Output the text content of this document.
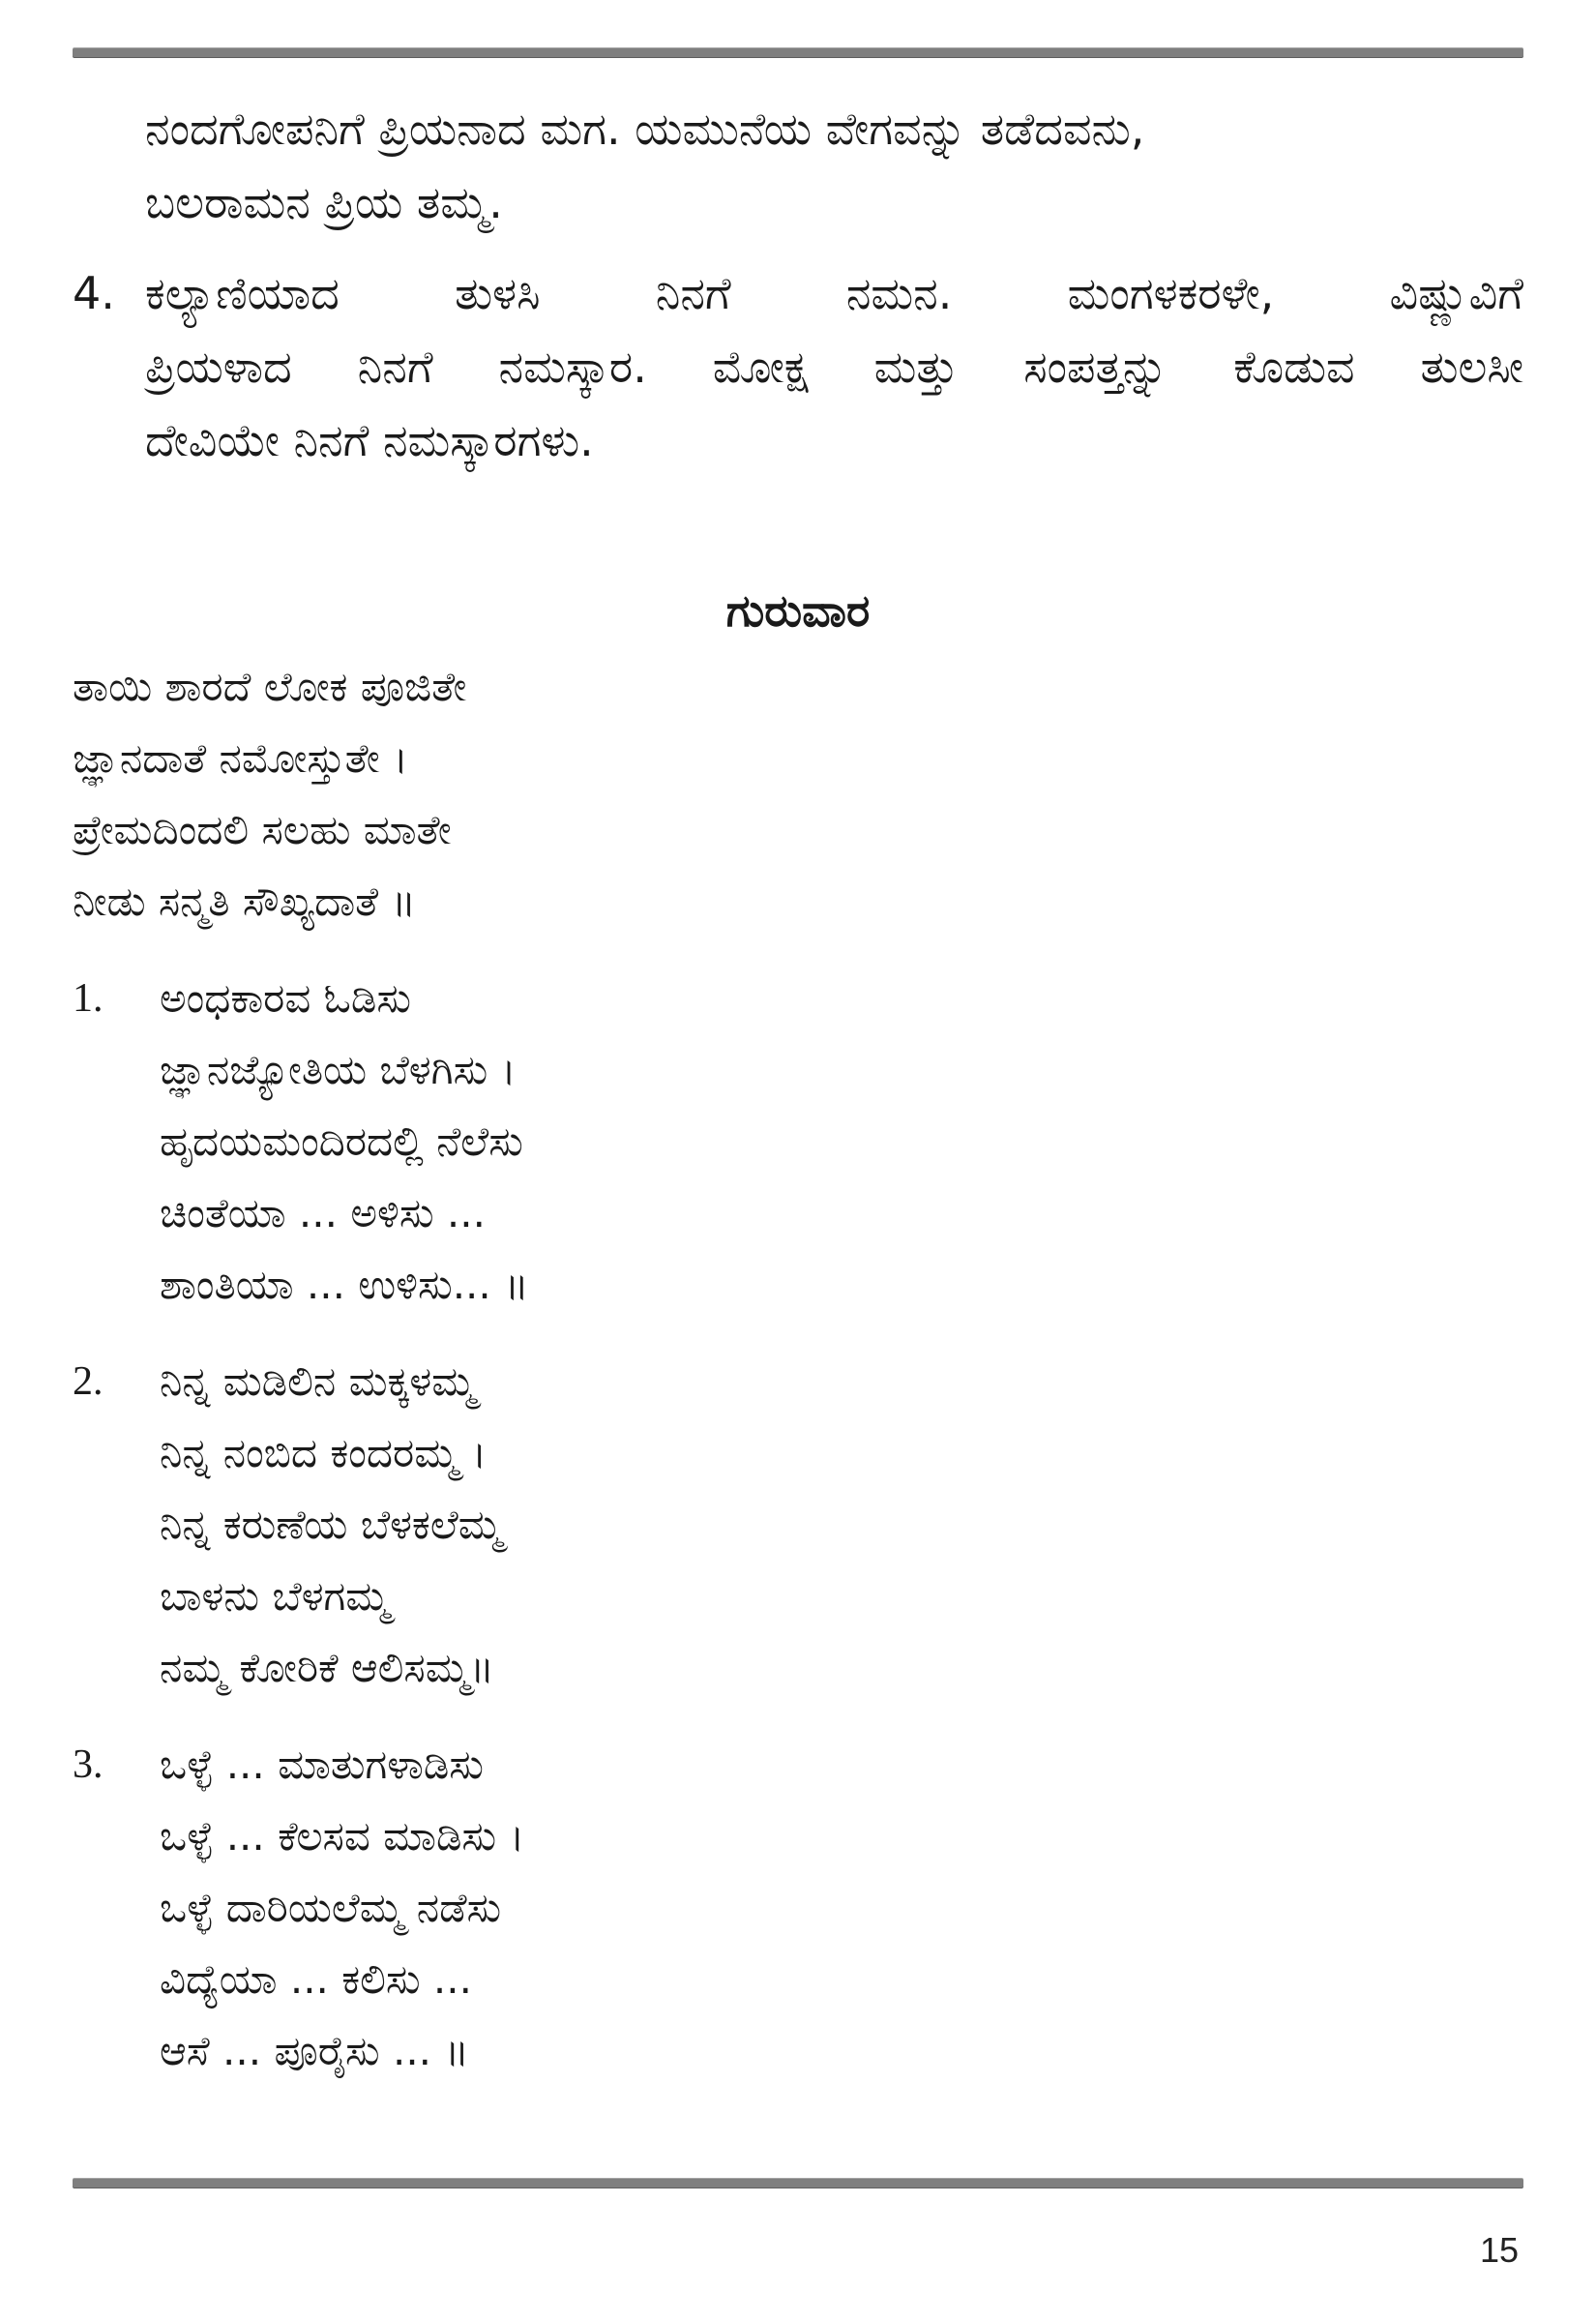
ನಂದಗೋಪನಿಗೆ ಪ್ರಿಯನಾದ ಮಗ. ಯಮುನೆಯ ವೇಗವನ್ನು ತಡೆದವನು,
ಬಲರಾಮನ ಪ್ರಿಯ ತಮ್ಮ.
4. ಕಲ್ಯಾಣಿಯಾದ ತುಳಸಿ ನಿನಗೆ ನಮನ. ಮಂಗಳಕರಳೇ, ವಿಷ್ಣುವಿಗೆ
ಪ್ರಿಯಳಾದ ನಿನಗೆ ನಮಸ್ಕಾರ. ಮೋಕ್ಷ ಮತ್ತು ಸಂಪತ್ತನ್ನು ಕೊಡುವ ತುಲಸೀ
ದೇವಿಯೇ ನಿನಗೆ ನಮಸ್ಕಾರಗಳು.
ಗುರುವಾರ
ತಾಯಿ ಶಾರದೆ ಲೋಕ ಪೂಜಿತೇ
ಜ್ಞಾನದಾತೆ ನಮೋಸ್ತುತೇ ।
ಪ್ರೇಮದಿಂದಲಿ ಸಲಹು ಮಾತೇ
ನೀಡು ಸನ್ಮತಿ ಸೌಖ್ಯದಾತೆ ॥
1. ಅಂಧಕಾರವ ಓಡಿಸು
ಜ್ಞಾನಜ್ಯೋತಿಯ ಬೆಳಗಿಸು ।
ಹೃದಯಮಂದಿರದಲ್ಲಿ ನೆಲೆಸು
ಚಿಂತೆಯಾ ... ಅಳಿಸು ...
ಶಾಂತಿಯಾ ... ಉಳಿಸು... ॥
2. ನಿನ್ನ ಮಡಿಲಿನ ಮಕ್ಕಳಮ್ಮ
ನಿನ್ನ ನಂಬಿದ ಕಂದರಮ್ಮ ।
ನಿನ್ನ ಕರುಣೆಯ ಬೆಳಕಲೆಮ್ಮ
ಬಾಳನು ಬೆಳಗಮ್ಮ
ನಮ್ಮ ಕೋರಿಕೆ ಆಲಿಸಮ್ಮ॥
3. ಒಳ್ಳೆ ... ಮಾತುಗಳಾಡಿಸು
ಒಳ್ಳೆ ... ಕೆಲಸವ ಮಾಡಿಸು ।
ಒಳ್ಳೆ ದಾರಿಯಲೆಮ್ಮ ನಡೆಸು
ವಿದ್ಯೆಯಾ ... ಕಲಿಸು ...
ಆಸೆ ... ಪೂರೈಸು ... ॥
15
